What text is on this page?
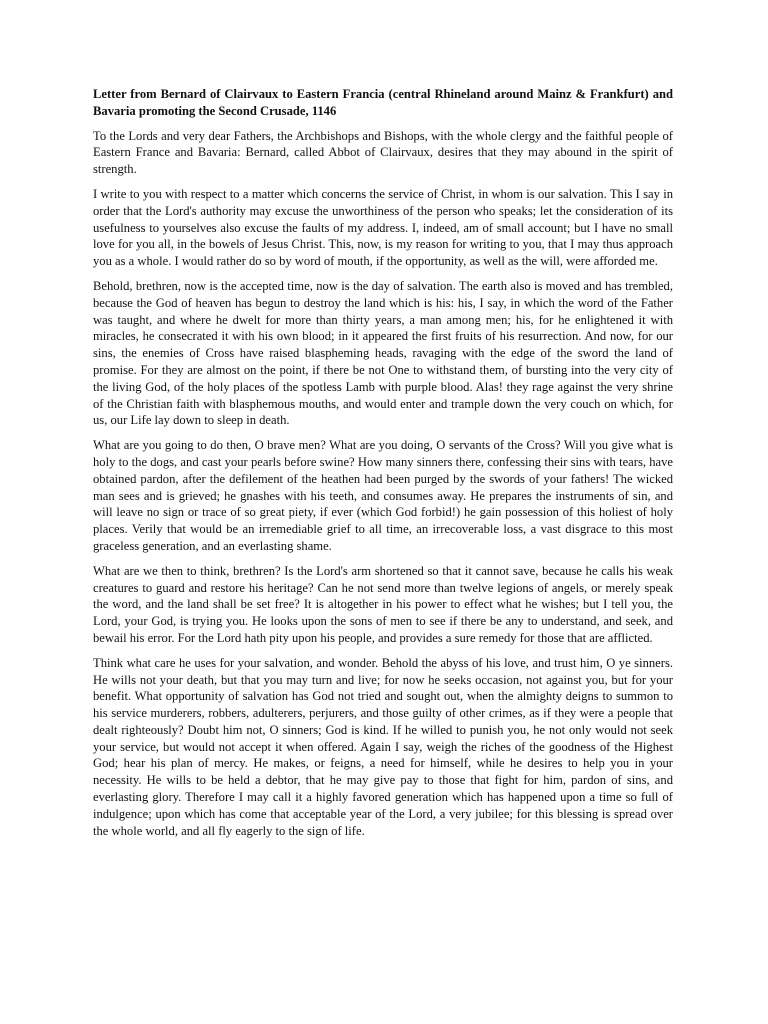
Letter from Bernard of Clairvaux to Eastern Francia (central Rhineland around Mainz & Frankfurt) and Bavaria promoting the Second Crusade, 1146

To the Lords and very dear Fathers, the Archbishops and Bishops, with the whole clergy and the faithful people of Eastern France and Bavaria: Bernard, called Abbot of Clairvaux, desires that they may abound in the spirit of strength.

I write to you with respect to a matter which concerns the service of Christ, in whom is our salvation. This I say in order that the Lord's authority may excuse the unworthiness of the person who speaks; let the consideration of its usefulness to yourselves also excuse the faults of my address. I, indeed, am of small account; but I have no small love for you all, in the bowels of Jesus Christ. This, now, is my reason for writing to you, that I may thus approach you as a whole. I would rather do so by word of mouth, if the opportunity, as well as the will, were afforded me.

Behold, brethren, now is the accepted time, now is the day of salvation. The earth also is moved and has trembled, because the God of heaven has begun to destroy the land which is his: his, I say, in which the word of the Father was taught, and where he dwelt for more than thirty years, a man among men; his, for he enlightened it with miracles, he consecrated it with his own blood; in it appeared the first fruits of his resurrection. And now, for our sins, the enemies of Cross have raised blaspheming heads, ravaging with the edge of the sword the land of promise. For they are almost on the point, if there be not One to withstand them, of bursting into the very city of the living God, of the holy places of the spotless Lamb with purple blood. Alas! they rage against the very shrine of the Christian faith with blasphemous mouths, and would enter and trample down the very couch on which, for us, our Life lay down to sleep in death.

What are you going to do then, O brave men? What are you doing, O servants of the Cross? Will you give what is holy to the dogs, and cast your pearls before swine? How many sinners there, confessing their sins with tears, have obtained pardon, after the defilement of the heathen had been purged by the swords of your fathers! The wicked man sees and is grieved; he gnashes with his teeth, and consumes away. He prepares the instruments of sin, and will leave no sign or trace of so great piety, if ever (which God forbid!) he gain possession of this holiest of holy places. Verily that would be an irremediable grief to all time, an irrecoverable loss, a vast disgrace to this most graceless generation, and an everlasting shame.

What are we then to think, brethren? Is the Lord's arm shortened so that it cannot save, because he calls his weak creatures to guard and restore his heritage? Can he not send more than twelve legions of angels, or merely speak the word, and the land shall be set free? It is altogether in his power to effect what he wishes; but I tell you, the Lord, your God, is trying you. He looks upon the sons of men to see if there be any to understand, and seek, and bewail his error. For the Lord hath pity upon his people, and provides a sure remedy for those that are afflicted.

Think what care he uses for your salvation, and wonder. Behold the abyss of his love, and trust him, O ye sinners. He wills not your death, but that you may turn and live; for now he seeks occasion, not against you, but for your benefit. What opportunity of salvation has God not tried and sought out, when the almighty deigns to summon to his service murderers, robbers, adulterers, perjurers, and those guilty of other crimes, as if they were a people that dealt righteously? Doubt him not, O sinners; God is kind. If he willed to punish you, he not only would not seek your service, but would not accept it when offered. Again I say, weigh the riches of the goodness of the Highest God; hear his plan of mercy. He makes, or feigns, a need for himself, while he desires to help you in your necessity. He wills to be held a debtor, that he may give pay to those that fight for him, pardon of sins, and everlasting glory. Therefore I may call it a highly favored generation which has happened upon a time so full of indulgence; upon which has come that acceptable year of the Lord, a very jubilee; for this blessing is spread over the whole world, and all fly eagerly to the sign of life.
